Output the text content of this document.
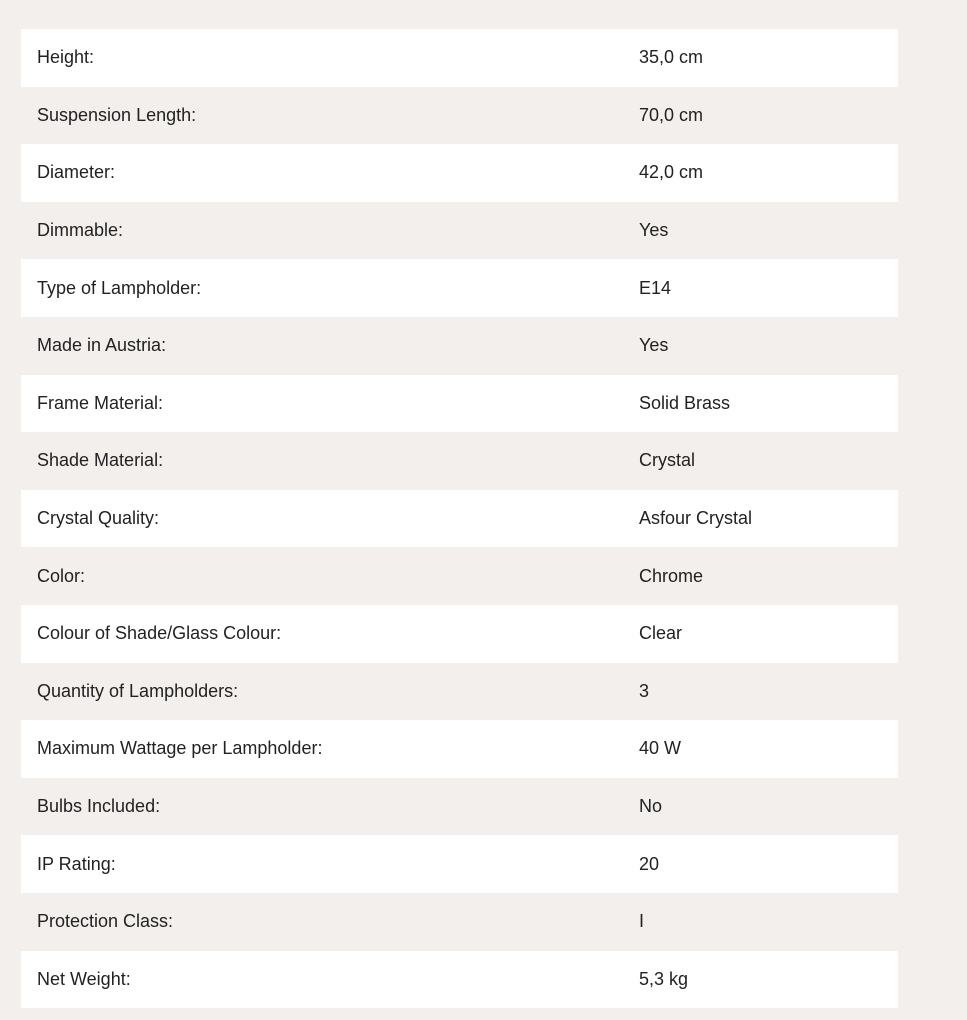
Height:	35,0 cm
Suspension Length:	70,0 cm
Diameter:	42,0 cm
Dimmable:	Yes
Type of Lampholder:	E14
Made in Austria:	Yes
Frame Material:	Solid Brass
Shade Material:	Crystal
Crystal Quality:	Asfour Crystal
Color:	Chrome
Colour of Shade/Glass Colour:	Clear
Quantity of Lampholders:	3
Maximum Wattage per Lampholder:	40 W
Bulbs Included:	No
IP Rating:	20
Protection Class:	I
Net Weight:	5,3 kg
